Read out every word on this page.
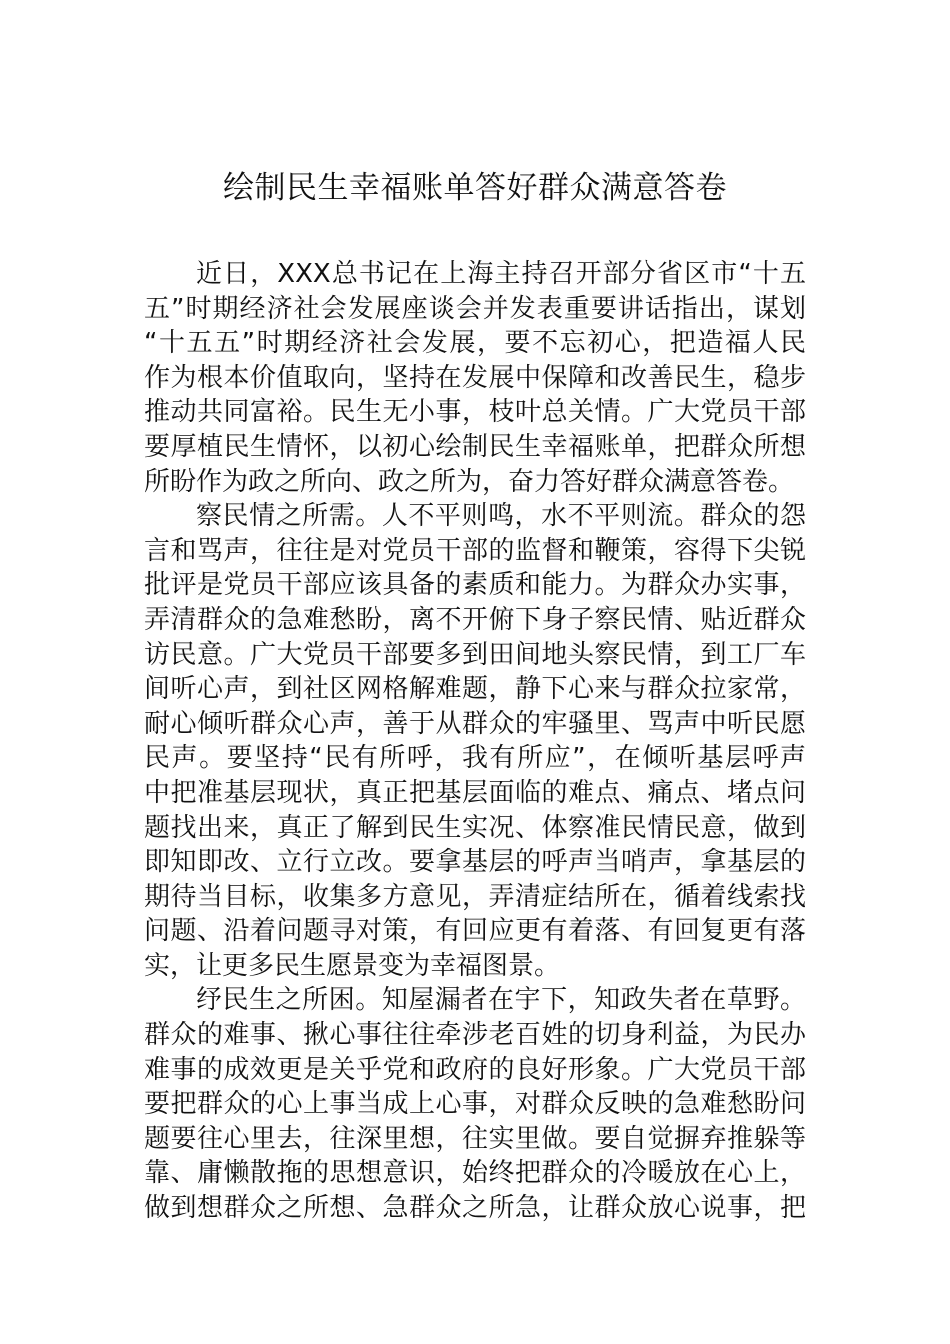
绘制民生幸福账单答好群众满意答卷
近日，XXX总书记在上海主持召开部分省区市“十五
五”时期经济社会发展座谈会并发表重要讲话指出，谋划
“十五五”时期经济社会发展，要不忘初心，把造福人民
作为根本价值取向，坚持在发展中保障和改善民生，稳步
推动共同富裕。民生无小事，枝叶总关情。广大党员干部
要厚植民生情怀，以初心绘制民生幸福账单，把群众所想
所盼作为政之所向、政之所为，奋力答好群众满意答卷。
察民情之所需。人不平则鸣，水不平则流。群众的怨
言和骂声，往往是对党员干部的监督和鞭策，容得下尖锐
批评是党员干部应该具备的素质和能力。为群众办实事，
弄清群众的急难愁盼，离不开俯下身子察民情、贴近群众
访民意。广大党员干部要多到田间地头察民情，到工厂车
间听心声，到社区网格解难题，静下心来与群众拉家常，
耐心倾听群众心声，善于从群众的牢骚里、骂声中听民愿
民声。要坚持“民有所呼，我有所应”，在倾听基层呼声
中把准基层现状，真正把基层面临的难点、痛点、堵点问
题找出来，真正了解到民生实况、体察准民情民意，做到
即知即改、立行立改。要拿基层的呼声当哨声，拿基层的
期待当目标，收集多方意见，弄清症结所在，循着线索找
问题、沿着问题寻对策，有回应更有着落、有回复更有落
实，让更多民生愿景变为幸福图景。
纾民生之所困。知屋漏者在宇下，知政失者在草野。
群众的难事、揪心事往往牵涉老百姓的切身利益，为民办
难事的成效更是关乎党和政府的良好形象。广大党员干部
要把群众的心上事当成上心事，对群众反映的急难愁盼问
题要往心里去，往深里想，往实里做。要自觉摒弃推躲等
靠、庸懒散拖的思想意识，始终把群众的冷暖放在心上，
做到想群众之所想、急群众之所急，让群众放心说事，把
